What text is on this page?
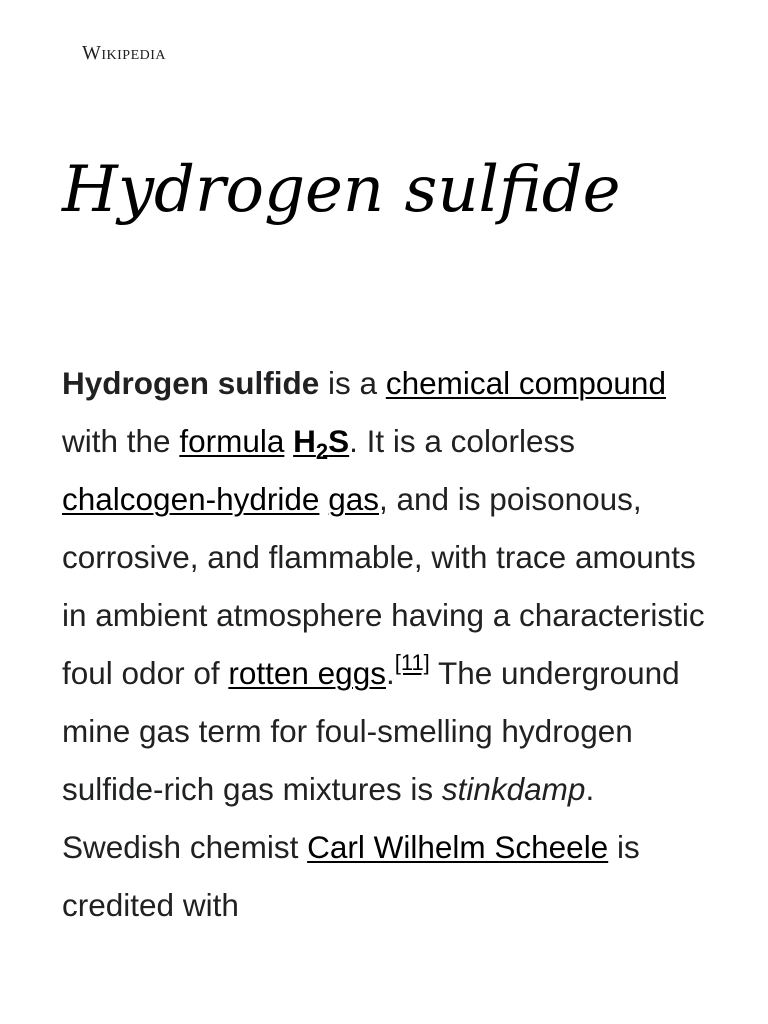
Wikipedia
Hydrogen sulfide

Hydrogen sulfide is a chemical compound with the formula $H_2S$. It is a colorless chalcogen-hydride gas, and is poisonous, corrosive, and flammable, with trace amounts in ambient atmosphere having a characteristic foul odor of rotten eggs.[11] The underground mine gas term for foul-smelling hydrogen sulfide-rich gas mixtures is stinkdamp. Swedish chemist Carl Wilhelm Scheele is credited with
